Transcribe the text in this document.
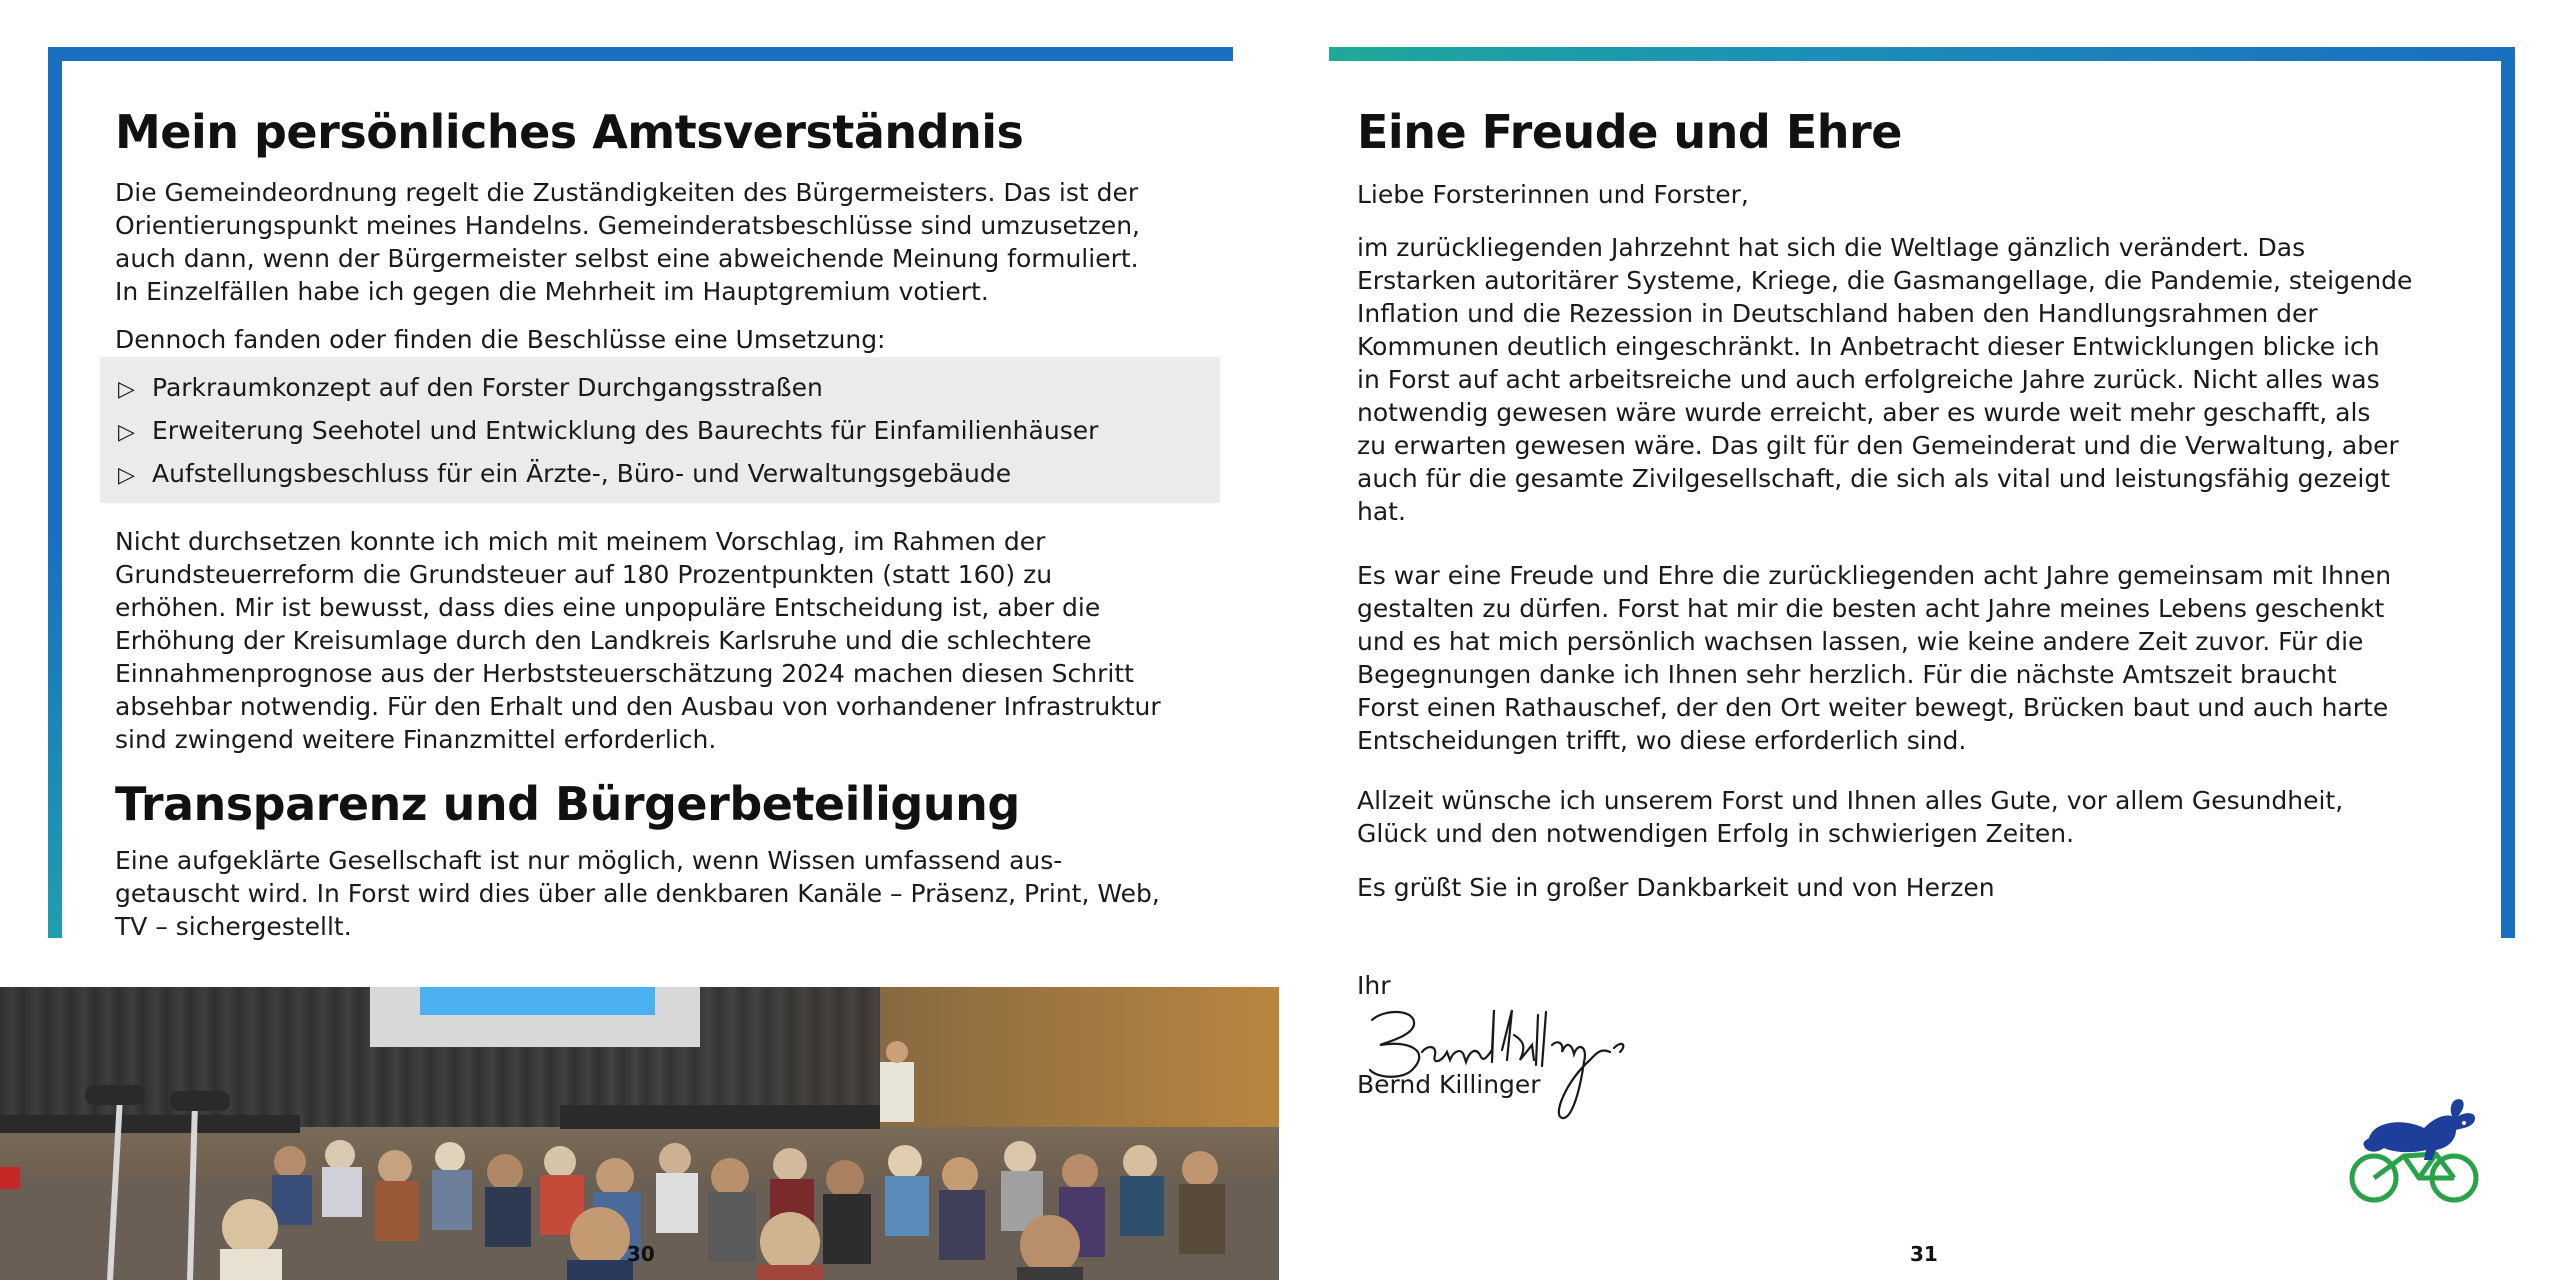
Mein persönliches Amtsverständnis
Die Gemeindeordnung regelt die Zuständigkeiten des Bürgermeisters. Das ist der
Orientierungspunkt meines Handelns. Gemeinderatsbeschlüsse sind umzusetzen,
auch dann, wenn der Bürgermeister selbst eine abweichende Meinung formuliert.
In Einzelfällen habe ich gegen die Mehrheit im Hauptgremium votiert.
Dennoch fanden oder finden die Beschlüsse eine Umsetzung:
▷ Parkraumkonzept auf den Forster Durchgangsstraßen
▷ Erweiterung Seehotel und Entwicklung des Baurechts für Einfamilienhäuser
▷ Aufstellungsbeschluss für ein Ärzte-, Büro- und Verwaltungsgebäude
Nicht durchsetzen konnte ich mich mit meinem Vorschlag, im Rahmen der
Grundsteuerreform die Grundsteuer auf 180 Prozentpunkten (statt 160) zu
erhöhen. Mir ist bewusst, dass dies eine unpopuläre Entscheidung ist, aber die
Erhöhung der Kreisumlage durch den Landkreis Karlsruhe und die schlechtere
Einnahmenprognose aus der Herbststeuerschätzung 2024 machen diesen Schritt
absehbar notwendig. Für den Erhalt und den Ausbau von vorhandener Infrastruktur
sind zwingend weitere Finanzmittel erforderlich.
Transparenz und Bürgerbeteiligung
Eine aufgeklärte Gesellschaft ist nur möglich, wenn Wissen umfassend aus-
getauscht wird. In Forst wird dies über alle denkbaren Kanäle – Präsenz, Print, Web,
TV – sichergestellt.
30
Eine Freude und Ehre
Liebe Forsterinnen und Forster,
im zurückliegenden Jahrzehnt hat sich die Weltlage gänzlich verändert. Das
Erstarken autoritärer Systeme, Kriege, die Gasmangellage, die Pandemie, steigende
Inflation und die Rezession in Deutschland haben den Handlungsrahmen der
Kommunen deutlich eingeschränkt. In Anbetracht dieser Entwicklungen blicke ich
in Forst auf acht arbeitsreiche und auch erfolgreiche Jahre zurück. Nicht alles was
notwendig gewesen wäre wurde erreicht, aber es wurde weit mehr geschafft, als
zu erwarten gewesen wäre. Das gilt für den Gemeinderat und die Verwaltung, aber
auch für die gesamte Zivilgesellschaft, die sich als vital und leistungsfähig gezeigt
hat.
Es war eine Freude und Ehre die zurückliegenden acht Jahre gemeinsam mit Ihnen
gestalten zu dürfen. Forst hat mir die besten acht Jahre meines Lebens geschenkt
und es hat mich persönlich wachsen lassen, wie keine andere Zeit zuvor. Für die
Begegnungen danke ich Ihnen sehr herzlich. Für die nächste Amtszeit braucht
Forst einen Rathauschef, der den Ort weiter bewegt, Brücken baut und auch harte
Entscheidungen trifft, wo diese erforderlich sind.
Allzeit wünsche ich unserem Forst und Ihnen alles Gute, vor allem Gesundheit,
Glück und den notwendigen Erfolg in schwierigen Zeiten.
Es grüßt Sie in großer Dankbarkeit und von Herzen
Ihr
Bernd Killinger
31
